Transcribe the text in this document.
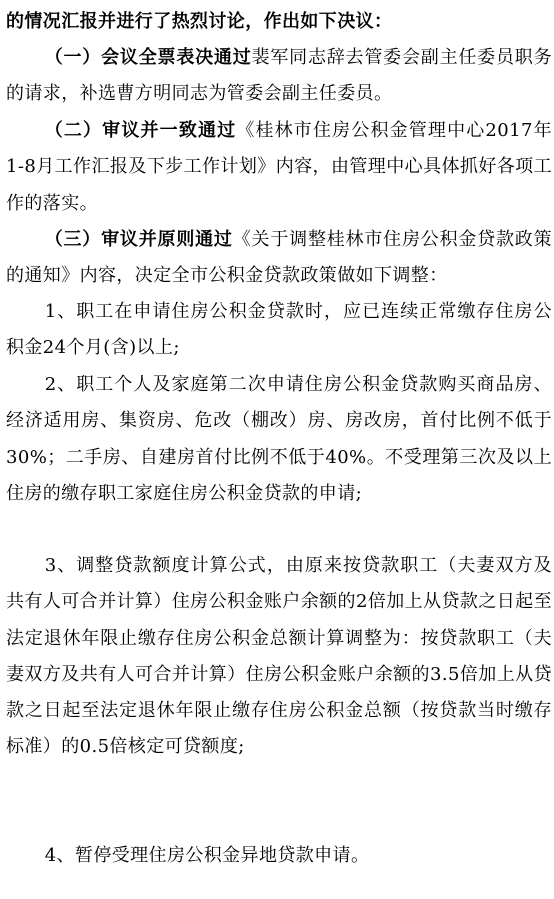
的情况汇报并进行了热烈讨论，作出如下决议：

（一）会议全票表决通过裴军同志辞去管委会副主任委员职务的请求，补选曹方明同志为管委会副主任委员。

（二）审议并一致通过《桂林市住房公积金管理中心2017年1-8月工作汇报及下步工作计划》内容，由管理中心具体抓好各项工作的落实。

（三）审议并原则通过《关于调整桂林市住房公积金贷款政策的通知》内容，决定全市公积金贷款政策做如下调整：

1、职工在申请住房公积金贷款时，应已连续正常缴存住房公积金24个月(含)以上;

2、职工个人及家庭第二次申请住房公积金贷款购买商品房、经济适用房、集资房、危改（棚改）房、房改房，首付比例不低于30%；二手房、自建房首付比例不低于40%。不受理第三次及以上住房的缴存职工家庭住房公积金贷款的申请;

3、调整贷款额度计算公式，由原来按贷款职工（夫妻双方及共有人可合并计算）住房公积金账户余额的2倍加上从贷款之日起至法定退休年限止缴存住房公积金总额计算调整为：按贷款职工（夫妻双方及共有人可合并计算）住房公积金账户余额的3.5倍加上从贷款之日起至法定退休年限止缴存住房公积金总额（按贷款当时缴存标准）的0.5倍核定可贷额度;

4、暂停受理住房公积金异地贷款申请。
